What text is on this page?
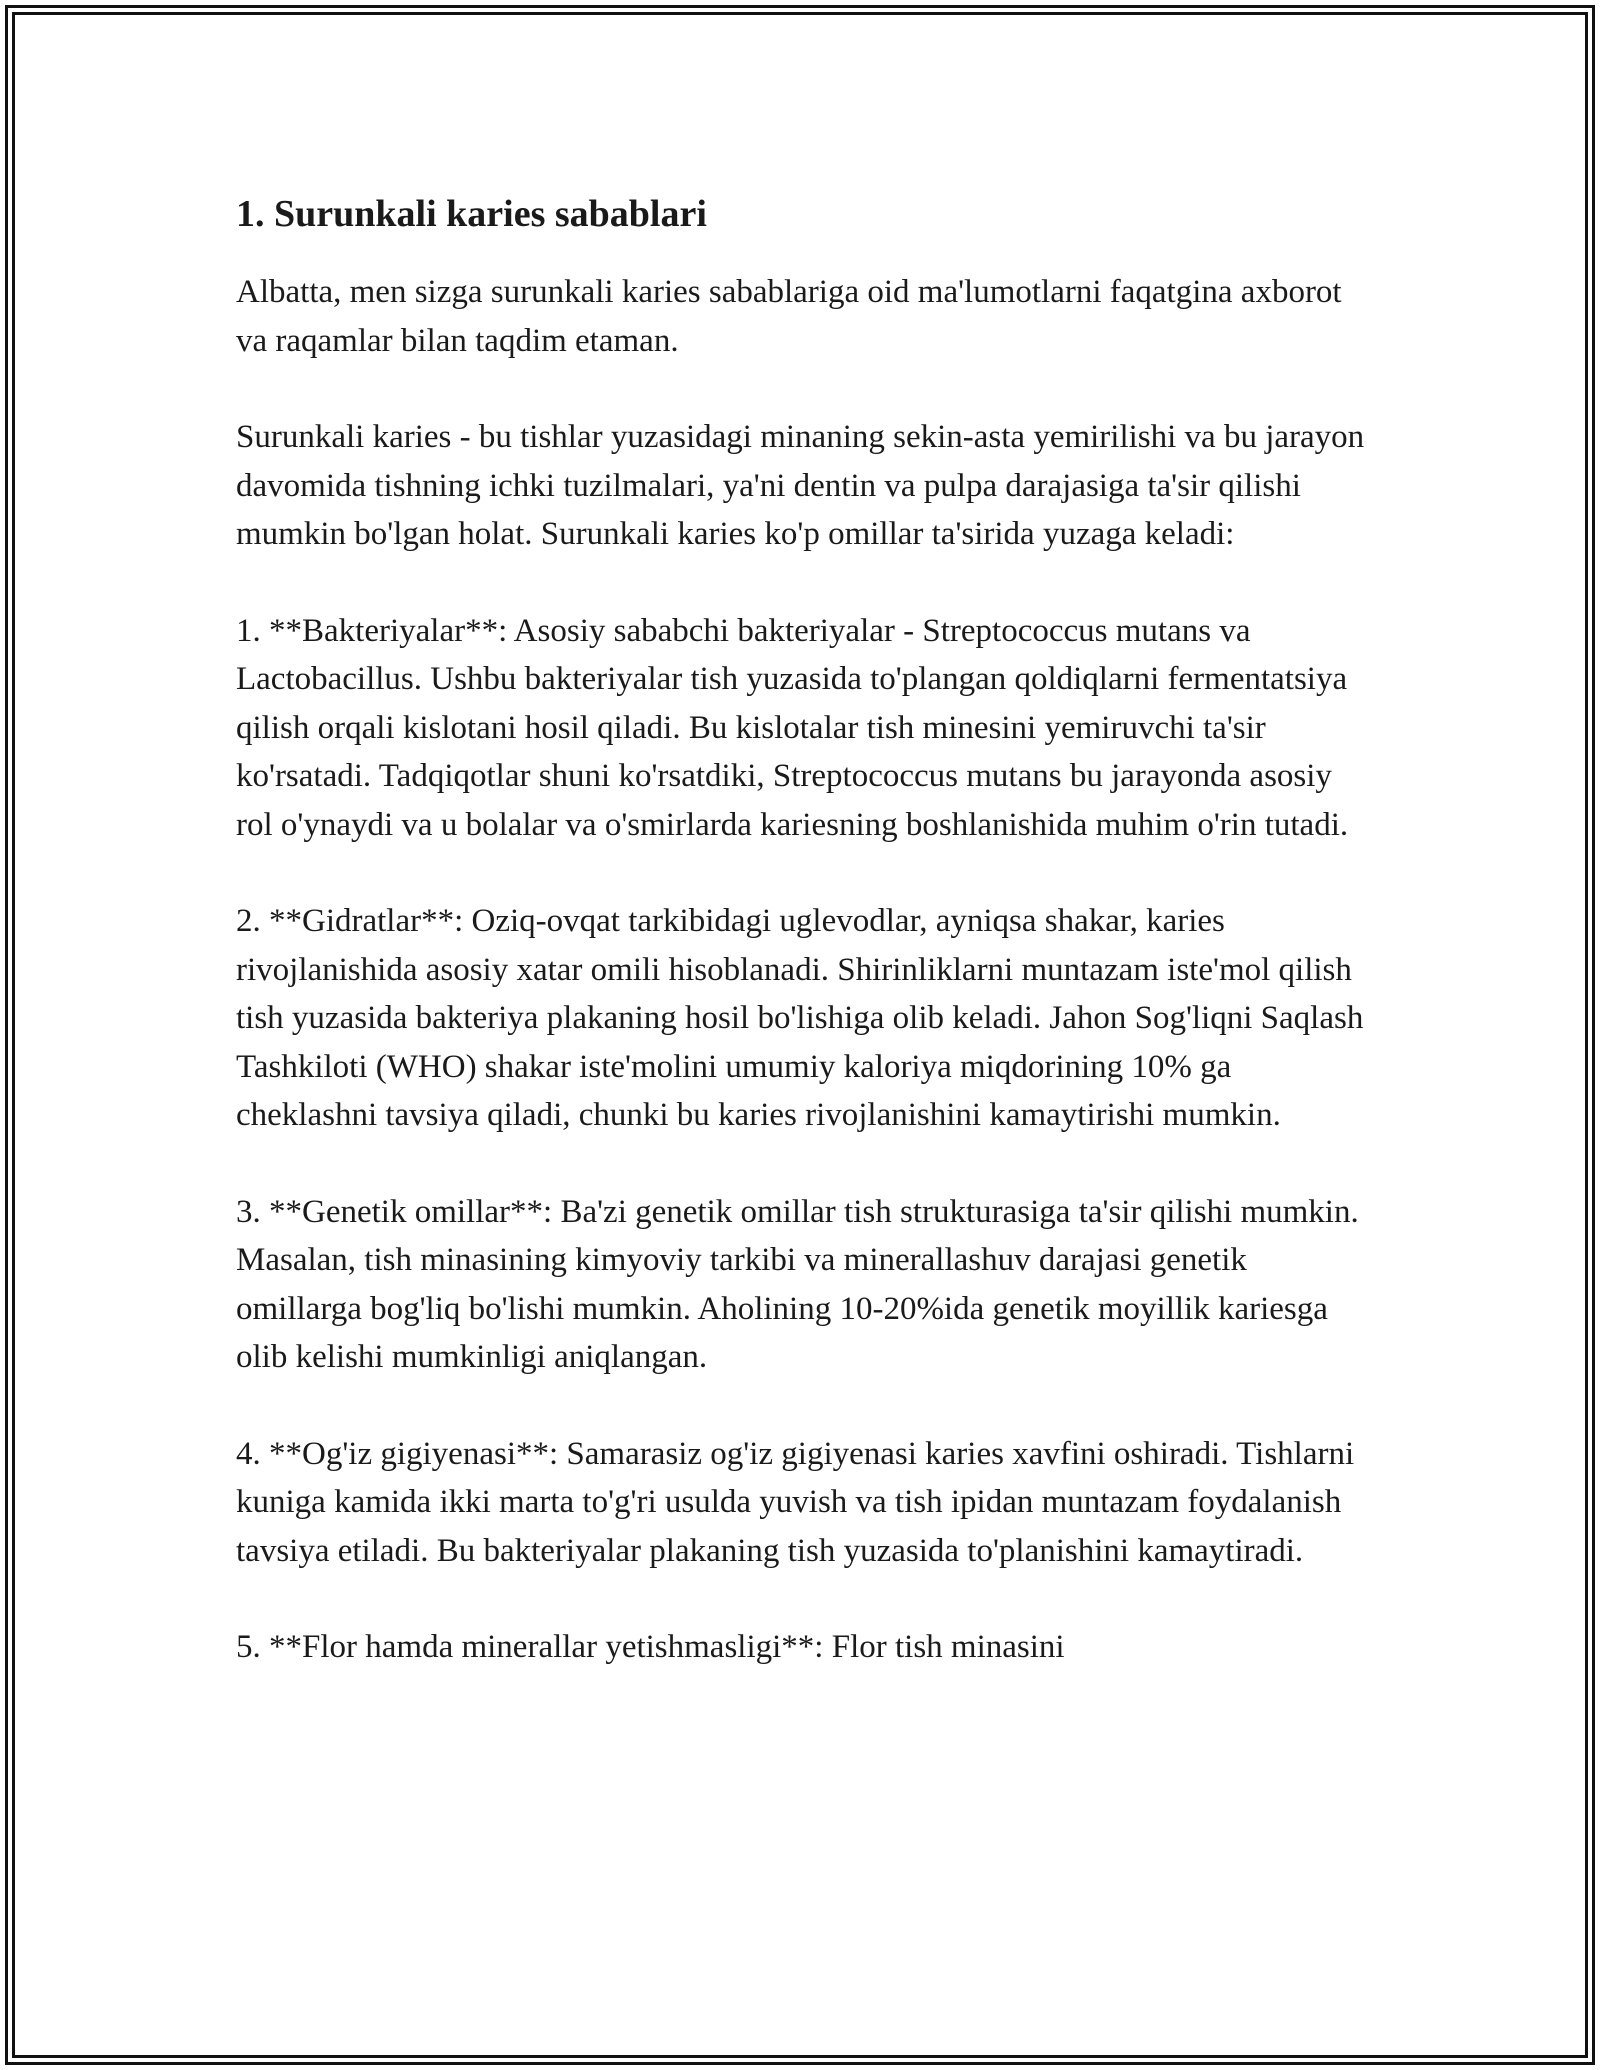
1. Surunkali karies sabablari

Albatta, men sizga surunkali karies sabablariga oid ma'lumotlarni faqatgina axborot va raqamlar bilan taqdim etaman.

Surunkali karies - bu tishlar yuzasidagi minaning sekin-asta yemirilishi va bu jarayon davomida tishning ichki tuzilmalari, ya'ni dentin va pulpa darajasiga ta'sir qilishi mumkin bo'lgan holat. Surunkali karies ko'p omillar ta'sirida yuzaga keladi:

1. **Bakteriyalar**: Asosiy sababchi bakteriyalar - Streptococcus mutans va Lactobacillus. Ushbu bakteriyalar tish yuzasida to'plangan qoldiqlarni fermentatsiya qilish orqali kislotani hosil qiladi. Bu kislotalar tish minesini yemiruvchi ta'sir ko'rsatadi. Tadqiqotlar shuni ko'rsatdiki, Streptococcus mutans bu jarayonda asosiy rol o'ynaydi va u bolalar va o'smirlarda kariesning boshlanishida muhim o'rin tutadi.

2. **Gidratlar**: Oziq-ovqat tarkibidagi uglevodlar, ayniqsa shakar, karies rivojlanishida asosiy xatar omili hisoblanadi. Shirinliklarni muntazam iste'mol qilish tish yuzasida bakteriya plakaning hosil bo'lishiga olib keladi. Jahon Sog'liqni Saqlash Tashkiloti (WHO) shakar iste'molini umumiy kaloriya miqdorining 10% ga cheklashni tavsiya qiladi, chunki bu karies rivojlanishini kamaytirishi mumkin.

3. **Genetik omillar**: Ba'zi genetik omillar tish strukturasiga ta'sir qilishi mumkin. Masalan, tish minasining kimyoviy tarkibi va minerallashuv darajasi genetik omillarga bog'liq bo'lishi mumkin. Aholining 10-20%ida genetik moyillik kariesga olib kelishi mumkinligi aniqlangan.

4. **Og'iz gigiyenasi**: Samarasiz og'iz gigiyenasi karies xavfini oshiradi. Tishlarni kuniga kamida ikki marta to'g'ri usulda yuvish va tish ipidan muntazam foydalanish tavsiya etiladi. Bu bakteriyalar plakaning tish yuzasida to'planishini kamaytiradi.

5. **Flor hamda minerallar yetishmasligi**: Flor tish minasini
